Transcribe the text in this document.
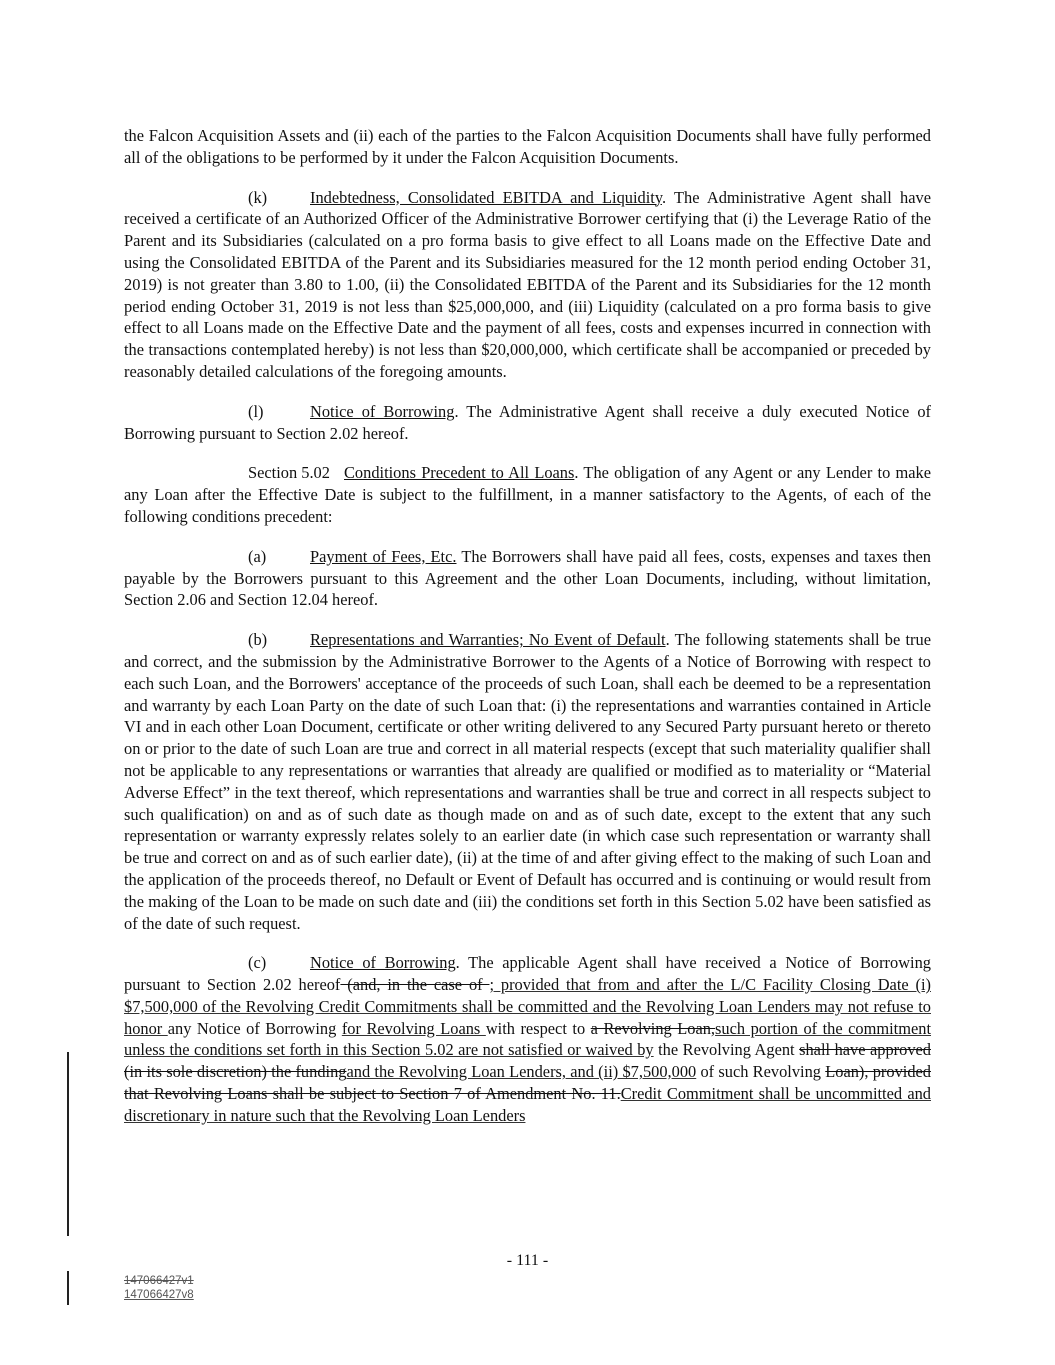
the Falcon Acquisition Assets and (ii) each of the parties to the Falcon Acquisition Documents shall have fully performed all of the obligations to be performed by it under the Falcon Acquisition Documents.

(k)	Indebtedness, Consolidated EBITDA and Liquidity. The Administrative Agent shall have received a certificate of an Authorized Officer of the Administrative Borrower certifying that (i) the Leverage Ratio of the Parent and its Subsidiaries (calculated on a pro forma basis to give effect to all Loans made on the Effective Date and using the Consolidated EBITDA of the Parent and its Subsidiaries measured for the 12 month period ending October 31, 2019) is not greater than 3.80 to 1.00, (ii) the Consolidated EBITDA of the Parent and its Subsidiaries for the 12 month period ending October 31, 2019 is not less than $25,000,000, and (iii) Liquidity (calculated on a pro forma basis to give effect to all Loans made on the Effective Date and the payment of all fees, costs and expenses incurred in connection with the transactions contemplated hereby) is not less than $20,000,000, which certificate shall be accompanied or preceded by reasonably detailed calculations of the foregoing amounts.

(l)	Notice of Borrowing. The Administrative Agent shall receive a duly executed Notice of Borrowing pursuant to Section 2.02 hereof.

Section 5.02 Conditions Precedent to All Loans. The obligation of any Agent or any Lender to make any Loan after the Effective Date is subject to the fulfillment, in a manner satisfactory to the Agents, of each of the following conditions precedent:

(a)	Payment of Fees, Etc. The Borrowers shall have paid all fees, costs, expenses and taxes then payable by the Borrowers pursuant to this Agreement and the other Loan Documents, including, without limitation, Section 2.06 and Section 12.04 hereof.

(b)	Representations and Warranties; No Event of Default. The following statements shall be true and correct, and the submission by the Administrative Borrower to the Agents of a Notice of Borrowing with respect to each such Loan, and the Borrowers' acceptance of the proceeds of such Loan, shall each be deemed to be a representation and warranty by each Loan Party on the date of such Loan that: (i) the representations and warranties contained in Article VI and in each other Loan Document, certificate or other writing delivered to any Secured Party pursuant hereto or thereto on or prior to the date of such Loan are true and correct in all material respects (except that such materiality qualifier shall not be applicable to any representations or warranties that already are qualified or modified as to materiality or “Material Adverse Effect” in the text thereof, which representations and warranties shall be true and correct in all respects subject to such qualification) on and as of such date as though made on and as of such date, except to the extent that any such representation or warranty expressly relates solely to an earlier date (in which case such representation or warranty shall be true and correct on and as of such earlier date), (ii) at the time of and after giving effect to the making of such Loan and the application of the proceeds thereof, no Default or Event of Default has occurred and is continuing or would result from the making of the Loan to be made on such date and (iii) the conditions set forth in this Section 5.02 have been satisfied as of the date of such request.

(c)	Notice of Borrowing. The applicable Agent shall have received a Notice of Borrowing pursuant to Section 2.02 hereof (and, in the case of ; provided that from and after the L/C Facility Closing Date (i) $7,500,000 of the Revolving Credit Commitments shall be committed and the Revolving Loan Lenders may not refuse to honor any Notice of Borrowing for Revolving Loans with respect to a Revolving Loan,such portion of the commitment unless the conditions set forth in this Section 5.02 are not satisfied or waived by the Revolving Agent shall have approved (in its sole discretion) the fundingand the Revolving Loan Lenders, and (ii) $7,500,000 of such Revolving Loan), provided that Revolving Loans shall be subject to Section 7 of Amendment No. 11.Credit Commitment shall be uncommitted and discretionary in nature such that the Revolving Loan Lenders

- 111 -
147066427v1
147066427v8
